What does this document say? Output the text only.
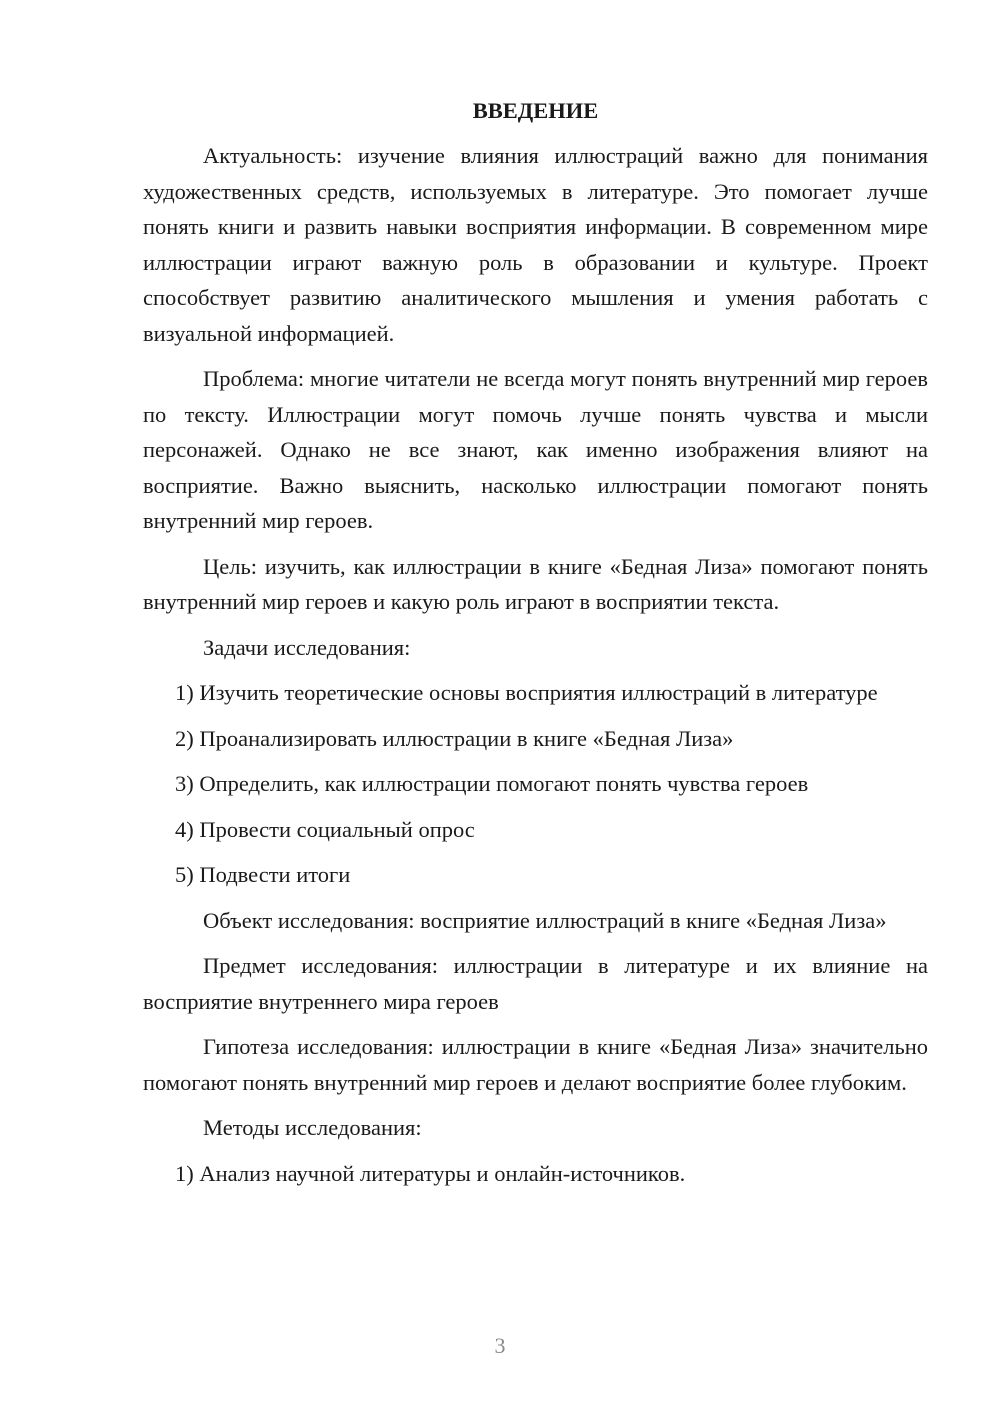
ВВЕДЕНИЕ
Актуальность: изучение влияния иллюстраций важно для понимания художественных средств, используемых в литературе. Это помогает лучше понять книги и развить навыки восприятия информации. В современном мире иллюстрации играют важную роль в образовании и культуре. Проект способствует развитию аналитического мышления и умения работать с визуальной информацией.
Проблема: многие читатели не всегда могут понять внутренний мир героев по тексту. Иллюстрации могут помочь лучше понять чувства и мысли персонажей. Однако не все знают, как именно изображения влияют на восприятие. Важно выяснить, насколько иллюстрации помогают понять внутренний мир героев.
Цель: изучить, как иллюстрации в книге «Бедная Лиза» помогают понять внутренний мир героев и какую роль играют в восприятии текста.
Задачи исследования:
1) Изучить теоретические основы восприятия иллюстраций в литературе
2) Проанализировать иллюстрации в книге «Бедная Лиза»
3) Определить, как иллюстрации помогают понять чувства героев
4) Провести социальный опрос
5) Подвести итоги
Объект исследования: восприятие иллюстраций в книге «Бедная Лиза»
Предмет исследования: иллюстрации в литературе и их влияние на восприятие внутреннего мира героев
Гипотеза исследования: иллюстрации в книге «Бедная Лиза» значительно помогают понять внутренний мир героев и делают восприятие более глубоким.
Методы исследования:
1) Анализ научной литературы и онлайн-источников.
3
